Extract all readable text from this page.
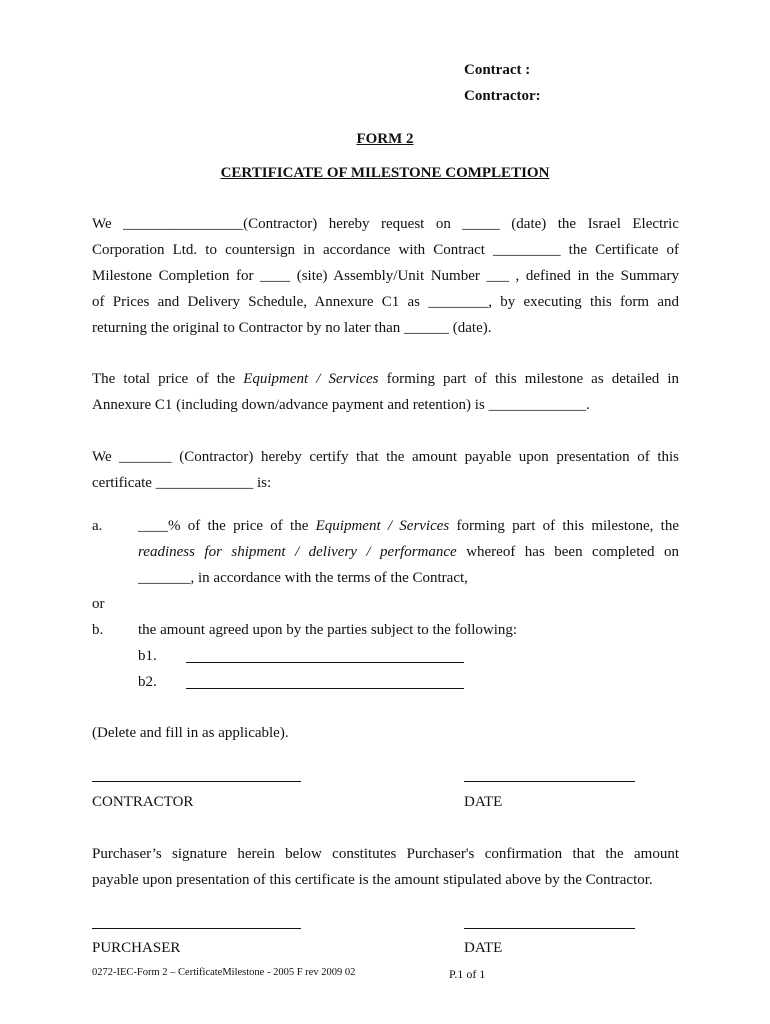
Contract :
Contractor:
FORM 2
CERTIFICATE OF MILESTONE COMPLETION
We ________________(Contractor) hereby request on _____ (date) the Israel Electric
Corporation Ltd. to countersign in accordance with Contract _________ the Certificate of
Milestone Completion for ____ (site) Assembly/Unit Number ___ , defined in the Summary
of Prices and Delivery Schedule, Annexure C1 as ________, by executing this form and
returning the original to Contractor by no later than ______ (date).
The total price of the Equipment / Services forming part of this milestone as detailed in
Annexure C1 (including down/advance payment and retention) is _____________.
We _______ (Contractor) hereby certify that the amount payable upon presentation of this
certificate _____________ is:
a. ____% of the price of the Equipment / Services forming part of this milestone, the
readiness for shipment / delivery / performance whereof has been completed on
_______, in accordance with the terms of the Contract,
or
b. the amount agreed upon by the parties subject to the following:
b1.
b2.
(Delete and fill in as applicable).
CONTRACTOR	DATE
Purchaser’s signature herein below constitutes Purchaser's confirmation that the amount
payable upon presentation of this certificate is the amount stipulated above by the Contractor.
PURCHASER	DATE
0272-IEC-Form 2 – CertificateMilestone - 2005 F rev 2009 02	P.1 of 1
